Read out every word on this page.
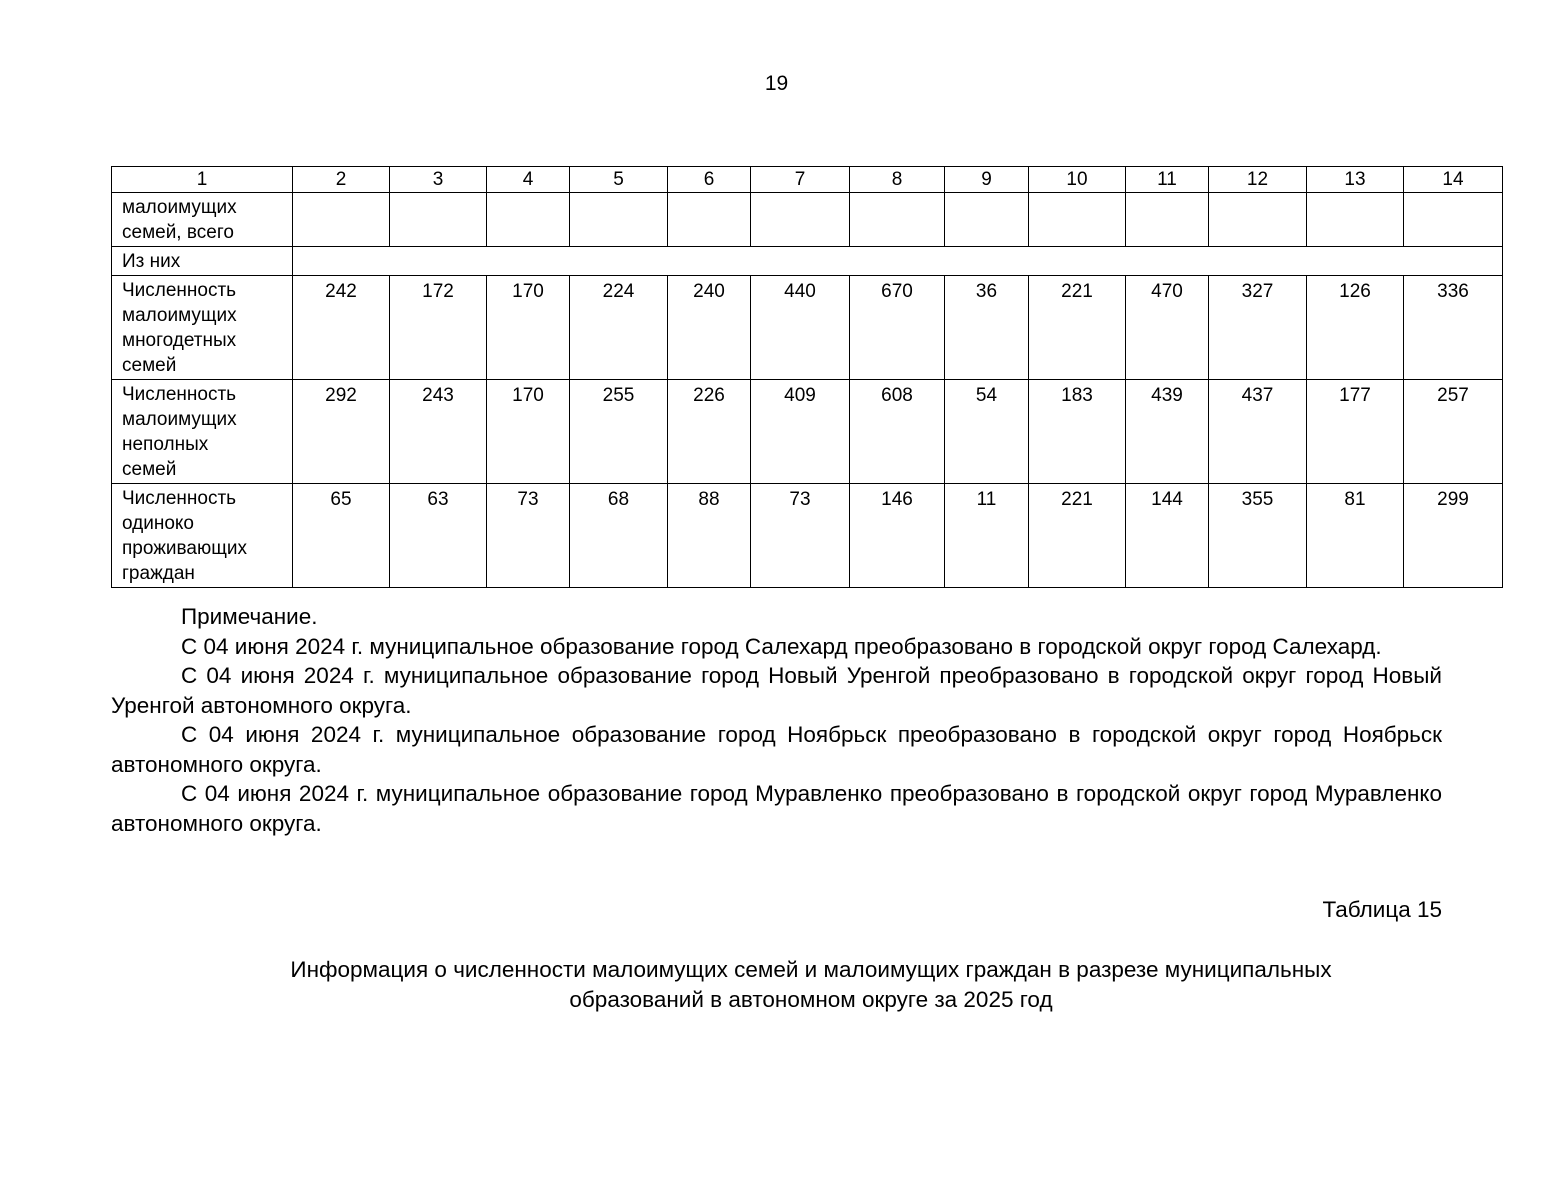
19
1	2	3	4	5	6	7	8	9	10	11	12	13	14
малоимущих
семей, всего													
Из них													
Численность
малоимущих
многодетных
семей	242	172	170	224	240	440	670	36	221	470	327	126	336
Численность
малоимущих
неполных
семей	292	243	170	255	226	409	608	54	183	439	437	177	257
Численность
одиноко
проживающих
граждан	65	63	73	68	88	73	146	11	221	144	355	81	299

Примечание.

С 04 июня 2024 г. муниципальное образование город Салехард преобразовано в городской округ город Салехард.

С 04 июня 2024 г. муниципальное образование город Новый Уренгой преобразовано в городской округ город Новый Уренгой автономного округа.

С 04 июня 2024 г. муниципальное образование город Ноябрьск преобразовано в городской округ город Ноябрьск автономного округа.

С 04 июня 2024 г. муниципальное образование город Муравленко преобразовано в городской округ город Муравленко автономного округа.

Таблица 15
Информация о численности малоимущих семей и малоимущих граждан в разрезе муниципальных
образований в автономном округе за 2025 год
